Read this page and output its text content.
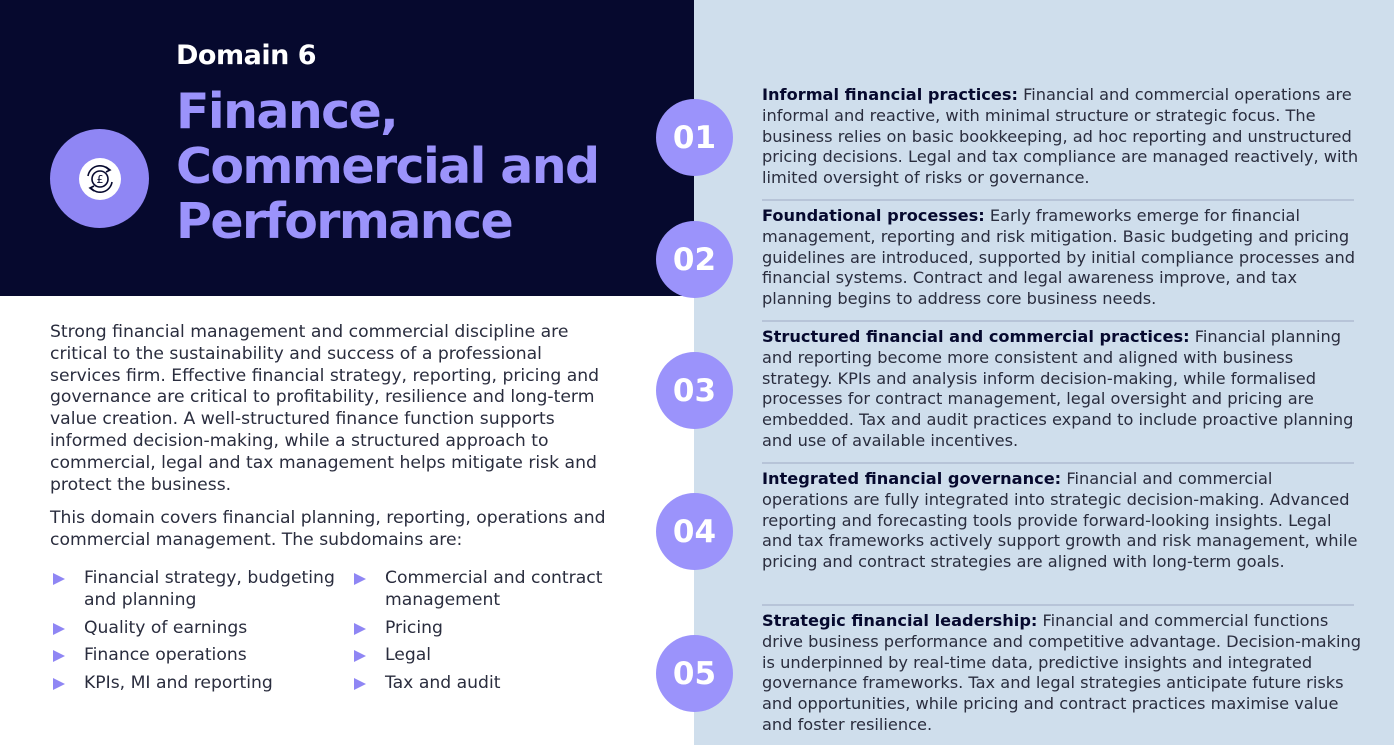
Domain 6
Finance, Commercial and Performance
£

Strong financial management and commercial discipline are critical to the sustainability and success of a professional services firm. Effective financial strategy, reporting, pricing and governance are critical to profitability, resilience and long-term value creation. A well-structured finance function supports informed decision-making, while a structured approach to commercial, legal and tax management helps mitigate risk and protect the business.

This domain covers financial planning, reporting, operations and commercial management. The subdomains are:

Financial strategy, budgeting and planning
Quality of earnings
Finance operations
KPIs, MI and reporting
Commercial and contract management
Pricing
Legal
Tax and audit
01
Informal financial practices: Financial and commercial operations are informal and reactive, with minimal structure or strategic focus. The business relies on basic bookkeeping, ad hoc reporting and unstructured pricing decisions. Legal and tax compliance are managed reactively, with limited oversight of risks or governance.
02
Foundational processes: Early frameworks emerge for financial management, reporting and risk mitigation. Basic budgeting and pricing guidelines are introduced, supported by initial compliance processes and financial systems. Contract and legal awareness improve, and tax planning begins to address core business needs.
03
Structured financial and commercial practices: Financial planning and reporting become more consistent and aligned with business strategy. KPIs and analysis inform decision-making, while formalised processes for contract management, legal oversight and pricing are embedded. Tax and audit practices expand to include proactive planning and use of available incentives.
04
Integrated financial governance: Financial and commercial operations are fully integrated into strategic decision-making. Advanced reporting and forecasting tools provide forward-looking insights. Legal and tax frameworks actively support growth and risk management, while pricing and contract strategies are aligned with long-term goals.
05
Strategic financial leadership: Financial and commercial functions drive business performance and competitive advantage. Decision-making is underpinned by real-time data, predictive insights and integrated governance frameworks. Tax and legal strategies anticipate future risks and opportunities, while pricing and contract practices maximise value and foster resilience.
